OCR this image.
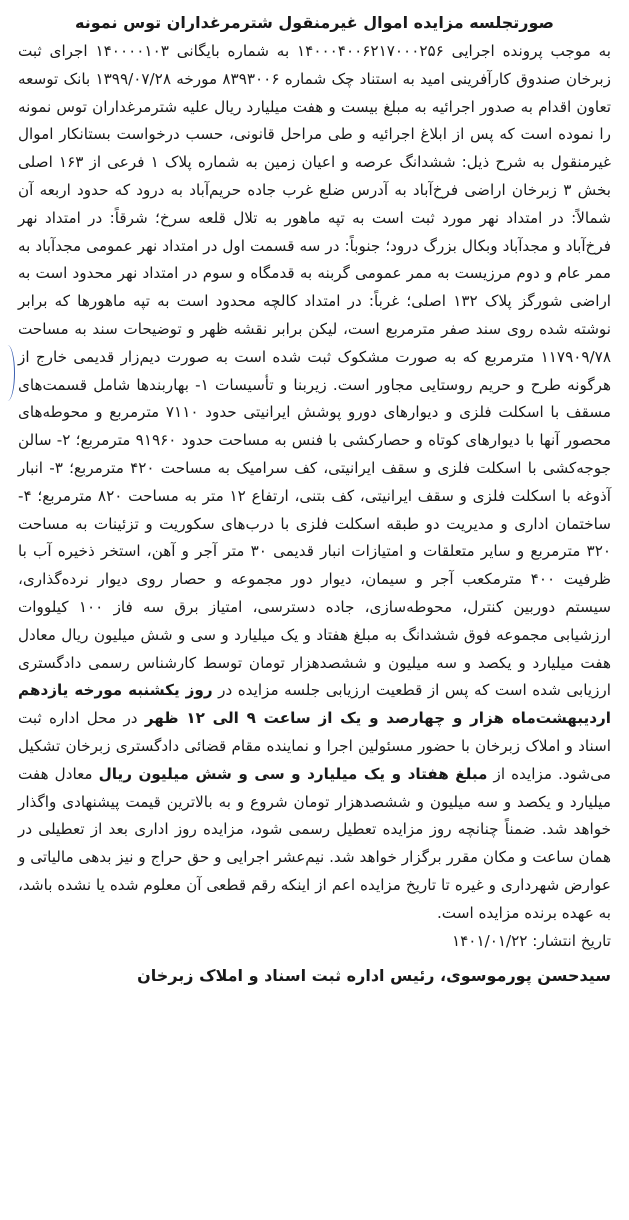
صورتجلسه مزایده اموال غیرمنقول شترمرغداران توس نمونه

به موجب پرونده اجرایی ۱۴۰۰۰۴۰۰۶۲۱۷۰۰۰۲۵۶ به شماره بایگانی ۱۴۰۰۰۰۱۰۳ اجرای ثبت زبرخان صندوق کارآفرینی امید به استناد چک شماره ۸۳۹۳۰۰۶ مورخه ۱۳۹۹/۰۷/۲۸ بانک توسعه تعاون اقدام به صدور اجرائیه به مبلغ بیست و هفت میلیارد ریال علیه شترمرغداران توس نمونه را نموده است که پس از ابلاغ اجرائیه و طی مراحل قانونی، حسب درخواست بستانکار اموال غیرمنقول به شرح ذیل: ششدانگ عرصه و اعیان زمین به شماره پلاک ۱ فرعی از ۱۶۳ اصلی بخش ۳ زبرخان اراضی فرخ‌آباد به آدرس ضلع غرب جاده حریم‌آباد به درود که حدود اربعه آن شمالاً: در امتداد نهر مورد ثبت است به تپه ماهور به تلال قلعه سرخ؛ شرقاً: در امتداد نهر فرخ‌آباد و مجدآباد وبکال بزرگ درود؛ جنوباً: در سه قسمت اول در امتداد نهر عمومی مجدآباد به ممر عام و دوم مرزیست به ممر عمومی گربنه به قدمگاه و سوم در امتداد نهر محدود است به اراضی شورگز پلاک ۱۳۲ اصلی؛ غرباً: در امتداد کالچه محدود است به تپه ماهورها که برابر نوشته شده روی سند صفر مترمربع است، لیکن برابر نقشه ظهر و توضیحات سند به مساحت ۱۱۷۹۰۹/۷۸ مترمربع که به صورت مشکوک ثبت شده است به صورت دیم‌زار قدیمی خارج از هرگونه طرح و حریم روستایی مجاور است. زیربنا و تأسیسات ۱- بهاربندها شامل قسمت‌های مسقف با اسکلت فلزی و دیوارهای دورو پوشش ایرانیتی حدود ۷۱۱۰ مترمربع و محوطه‌های محصور آنها با دیوارهای کوتاه و حصارکشی با فنس به مساحت حدود ۹۱۹۶۰ مترمربع؛ ۲- سالن جوجه‌کشی با اسکلت فلزی و سقف ایرانیتی، کف سرامیک به مساحت ۴۲۰ مترمربع؛ ۳- انبار آذوغه با اسکلت فلزی و سقف ایرانیتی، کف بتنی، ارتفاع ۱۲ متر به مساحت ۸۲۰ مترمربع؛ ۴- ساختمان اداری و مدیریت دو طبقه اسکلت فلزی با درب‌های سکوریت و تزئینات به مساحت ۳۲۰ مترمربع و سایر متعلقات و امتیازات انبار قدیمی ۳۰ متر آجر و آهن، استخر ذخیره آب با ظرفیت ۴۰۰ مترمکعب آجر و سیمان، دیوار دور مجموعه و حصار روی دیوار نرده‌گذاری، سیستم دوربین کنترل، محوطه‌سازی، جاده دسترسی، امتیاز برق سه فاز ۱۰۰ کیلووات ارزشیابی مجموعه فوق ششدانگ به مبلغ هفتاد و یک میلیارد و سی و شش میلیون ریال معادل هفت میلیارد و یکصد و سه میلیون و ششصدهزار تومان توسط کارشناس رسمی دادگستری ارزیابی شده است که پس از قطعیت ارزیابی جلسه مزایده در روز یکشنبه مورخه یازدهم اردیبهشت‌ماه هزار و چهارصد و یک از ساعت ۹ الی ۱۲ ظهر در محل اداره ثبت اسناد و املاک زبرخان با حضور مسئولین اجرا و نماینده مقام قضائی دادگستری زبرخان تشکیل می‌شود. مزایده از مبلغ هفتاد و یک میلیارد و سی و شش میلیون ریال معادل هفت میلیارد و یکصد و سه میلیون و ششصدهزار تومان شروع و به بالاترین قیمت پیشنهادی واگذار خواهد شد. ضمناً چنانچه روز مزایده تعطیل رسمی شود، مزایده روز اداری بعد از تعطیلی در همان ساعت و مکان مقرر برگزار خواهد شد. نیم‌عشر اجرایی و حق حراج و نیز بدهی مالیاتی و عوارض شهرداری و غیره تا تاریخ مزایده اعم از اینکه رقم قطعی آن معلوم شده یا نشده باشد، به عهده برنده مزایده است.

تاریخ انتشار: ۱۴۰۱/۰۱/۲۲
سیدحسن پورموسوی، رئیس اداره ثبت اسناد و املاک زبرخان
